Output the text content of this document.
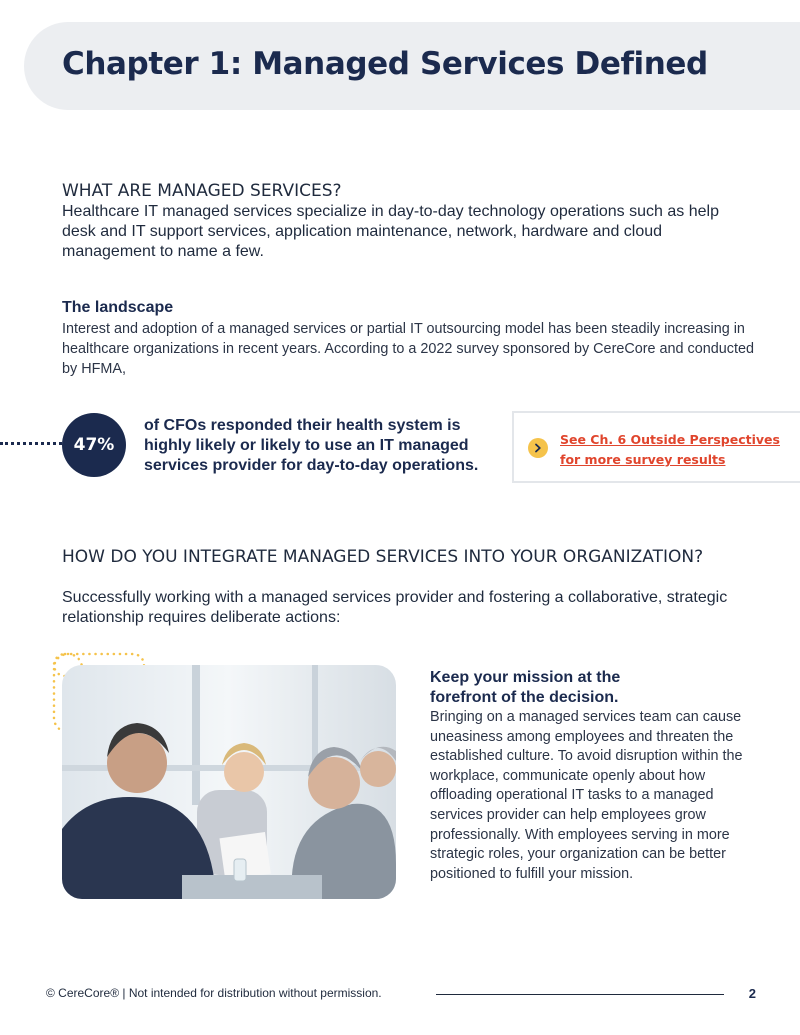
Chapter 1: Managed Services Defined
WHAT ARE MANAGED SERVICES?
Healthcare IT managed services specialize in day-to-day technology operations such as help desk and IT support services, application maintenance, network, hardware and cloud management to name a few.
The landscape
Interest and adoption of a managed services or partial IT outsourcing model has been steadily increasing in healthcare organizations in recent years. According to a 2022 survey sponsored by CereCore and conducted by HFMA,
47%
of CFOs responded their health system is highly likely or likely to use an IT managed services provider for day-to-day operations.
See Ch. 6 Outside Perspectives
for more survey results
HOW DO YOU INTEGRATE MANAGED SERVICES INTO YOUR ORGANIZATION?
Successfully working with a managed services provider and fostering a collaborative, strategic relationship requires deliberate actions:
Keep your mission at the
forefront of the decision.
Bringing on a managed services team can cause uneasiness among employees and threaten the established culture. To avoid disruption within the workplace, communicate openly about how offloading operational IT tasks to a managed services provider can help employees grow professionally. With employees serving in more strategic roles, your organization can be better positioned to fulfill your mission.
© CereCore® | Not intended for distribution without permission.	2
